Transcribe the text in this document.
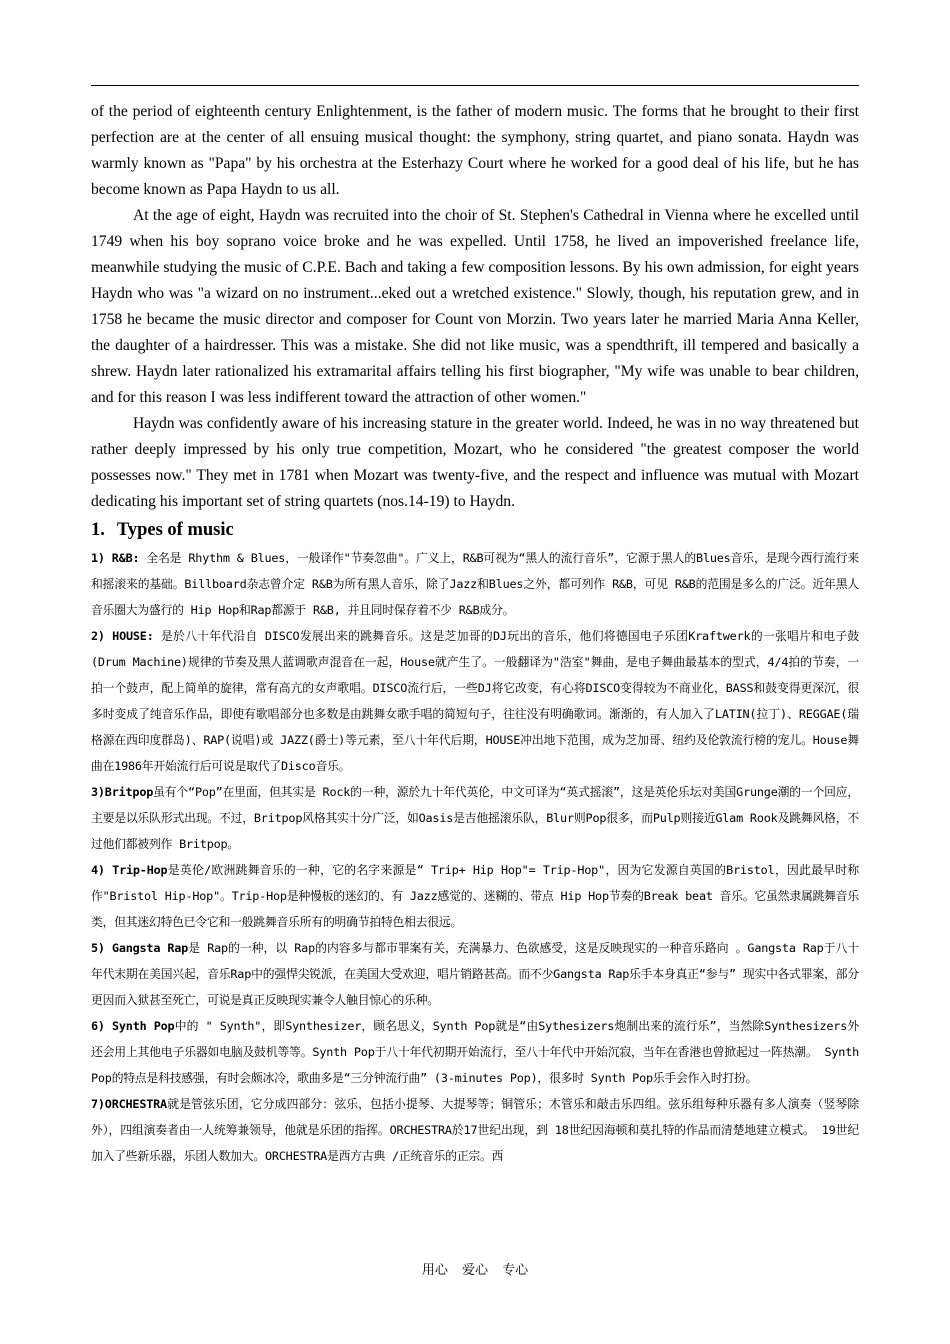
of the period of eighteenth century Enlightenment, is the father of modern music. The forms that he brought to their first perfection are at the center of all ensuing musical thought: the symphony, string quartet, and piano sonata. Haydn was warmly known as "Papa" by his orchestra at the Esterhazy Court where he worked for a good deal of his life, but he has become known as Papa Haydn to us all.

At the age of eight, Haydn was recruited into the choir of St. Stephen's Cathedral in Vienna where he excelled until 1749 when his boy soprano voice broke and he was expelled. Until 1758, he lived an impoverished freelance life, meanwhile studying the music of C.P.E. Bach and taking a few composition lessons. By his own admission, for eight years Haydn who was "a wizard on no instrument...eked out a wretched existence." Slowly, though, his reputation grew, and in 1758 he became the music director and composer for Count von Morzin. Two years later he married Maria Anna Keller, the daughter of a hairdresser. This was a mistake. She did not like music, was a spendthrift, ill tempered and basically a shrew. Haydn later rationalized his extramarital affairs telling his first biographer, "My wife was unable to bear children, and for this reason I was less indifferent toward the attraction of other women."

Haydn was confidently aware of his increasing stature in the greater world. Indeed, he was in no way threatened but rather deeply impressed by his only true competition, Mozart, who he considered "the greatest composer the world possesses now." They met in 1781 when Mozart was twenty-five, and the respect and influence was mutual with Mozart dedicating his important set of string quartets (nos.14-19) to Haydn.

1. Types of music

1) R&B: 全名是 Rhythm & Blues，一般译作"节奏忽曲"。广义上，R&B可视为“黑人的流行音乐”，它源于黑人的Blues音乐，是现今西行流行来和摇滚来的基础。Billboard杂志曾介定 R&B为所有黑人音乐，除了Jazz和Blues之外，都可列作 R&B，可见 R&B的范围是多么的广泛。近年黑人音乐圈大为盛行的 Hip Hop和Rap都源于 R&B, 并且同时保存着不少 R&B成分。

2) HOUSE: 是於八十年代沿自 DISCO发展出来的跳舞音乐。这是芝加哥的DJ玩出的音乐，他们将德国电子乐团Kraftwerk的一张唱片和电子鼓(Drum Machine)规律的节奏及黑人蓝调歌声混音在一起，House就产生了。一般翻译为"浩室"舞曲，是电子舞曲最基本的型式，4/4拍的节奏，一拍一个鼓声，配上简单的旋律，常有高亢的女声歌唱。DISCO流行后，一些DJ将它改变，有心将DISCO变得较为不商业化，BASS和鼓变得更深沉，很多时变成了纯音乐作品，即使有歌唱部分也多数是由跳舞女歌手唱的简短句子，往往没有明确歌词。渐渐的，有人加入了LATIN(拉丁)、REGGAE(瑞格源在西印度群岛)、RAP(说唱)或 JAZZ(爵士)等元素，至八十年代后期，HOUSE冲出地下范围，成为芝加哥、纽约及伦敦流行榜的宠儿。House舞曲在1986年开始流行后可说是取代了Disco音乐。

3)Britpop虽有个“Pop”在里面，但其实是 Rock的一种，源於九十年代英伦，中文可译为“英式摇滚”，这是英伦乐坛对美国Grunge潮的一个回应，主要是以乐队形式出现。不过，Britpop风格其实十分广泛，如Oasis是吉他摇滚乐队，Blur则Pop很多，而Pulp则接近Glam Rook及跳舞风格，不过他们都被列作 Britpop。

4) Trip-Hop是英伦/欧洲跳舞音乐的一种，它的名字来源是“ Trip+ Hip Hop"= Trip-Hop"，因为它发源自英国的Bristol，因此最早时称作"Bristol Hip-Hop"。Trip-Hop是种慢板的迷幻的、有 Jazz感觉的、迷糊的、带点 Hip Hop节奏的Break beat 音乐。它虽然隶属跳舞音乐类，但其迷幻特色已令它和一般跳舞音乐所有的明确节拍特色相去很远。

5) Gangsta Rap是 Rap的一种，以 Rap的内容多与都市罪案有关，充满暴力、色欲感受，这是反映现实的一种音乐路向 。Gangsta Rap于八十年代末期在美国兴起，音乐Rap中的强悍尖锐派，在美国大受欢迎，唱片销路甚高。而不少Gangsta Rap乐手本身真正“参与” 现实中各式罪案，部分更因而入狱甚至死亡，可说是真正反映现实兼令人触目惊心的乐种。

6) Synth Pop中的 " Synth"，即Synthesizer，顾名思义，Synth Pop就是“由Sythesizers炮制出来的流行乐”，当然除Synthesizers外还会用上其他电子乐器如电脑及鼓机等等。Synth Pop于八十年代初期开始流行，至八十年代中开始沉寂，当年在香港也曾掀起过一阵热潮。 Synth Pop的特点是科技感强，有时会颇冰冷，歌曲多是“三分钟流行曲” (3-minutes Pop)，很多时 Synth Pop乐手会作入时打扮。

7)ORCHESTRA就是管弦乐团，它分成四部分：弦乐，包括小提琴、大提琴等；铜管乐；木管乐和敲击乐四组。弦乐组每种乐器有多人演奏（竖琴除外），四组演奏者由一人统筹兼领导，他就是乐团的指挥。ORCHESTRA於17世纪出现，到 18世纪因海顿和莫扎特的作品而清楚地建立模式。 19世纪加入了些新乐器，乐团人数加大。ORCHESTRA是西方古典 /正统音乐的正宗。西

用心 爱心 专心
